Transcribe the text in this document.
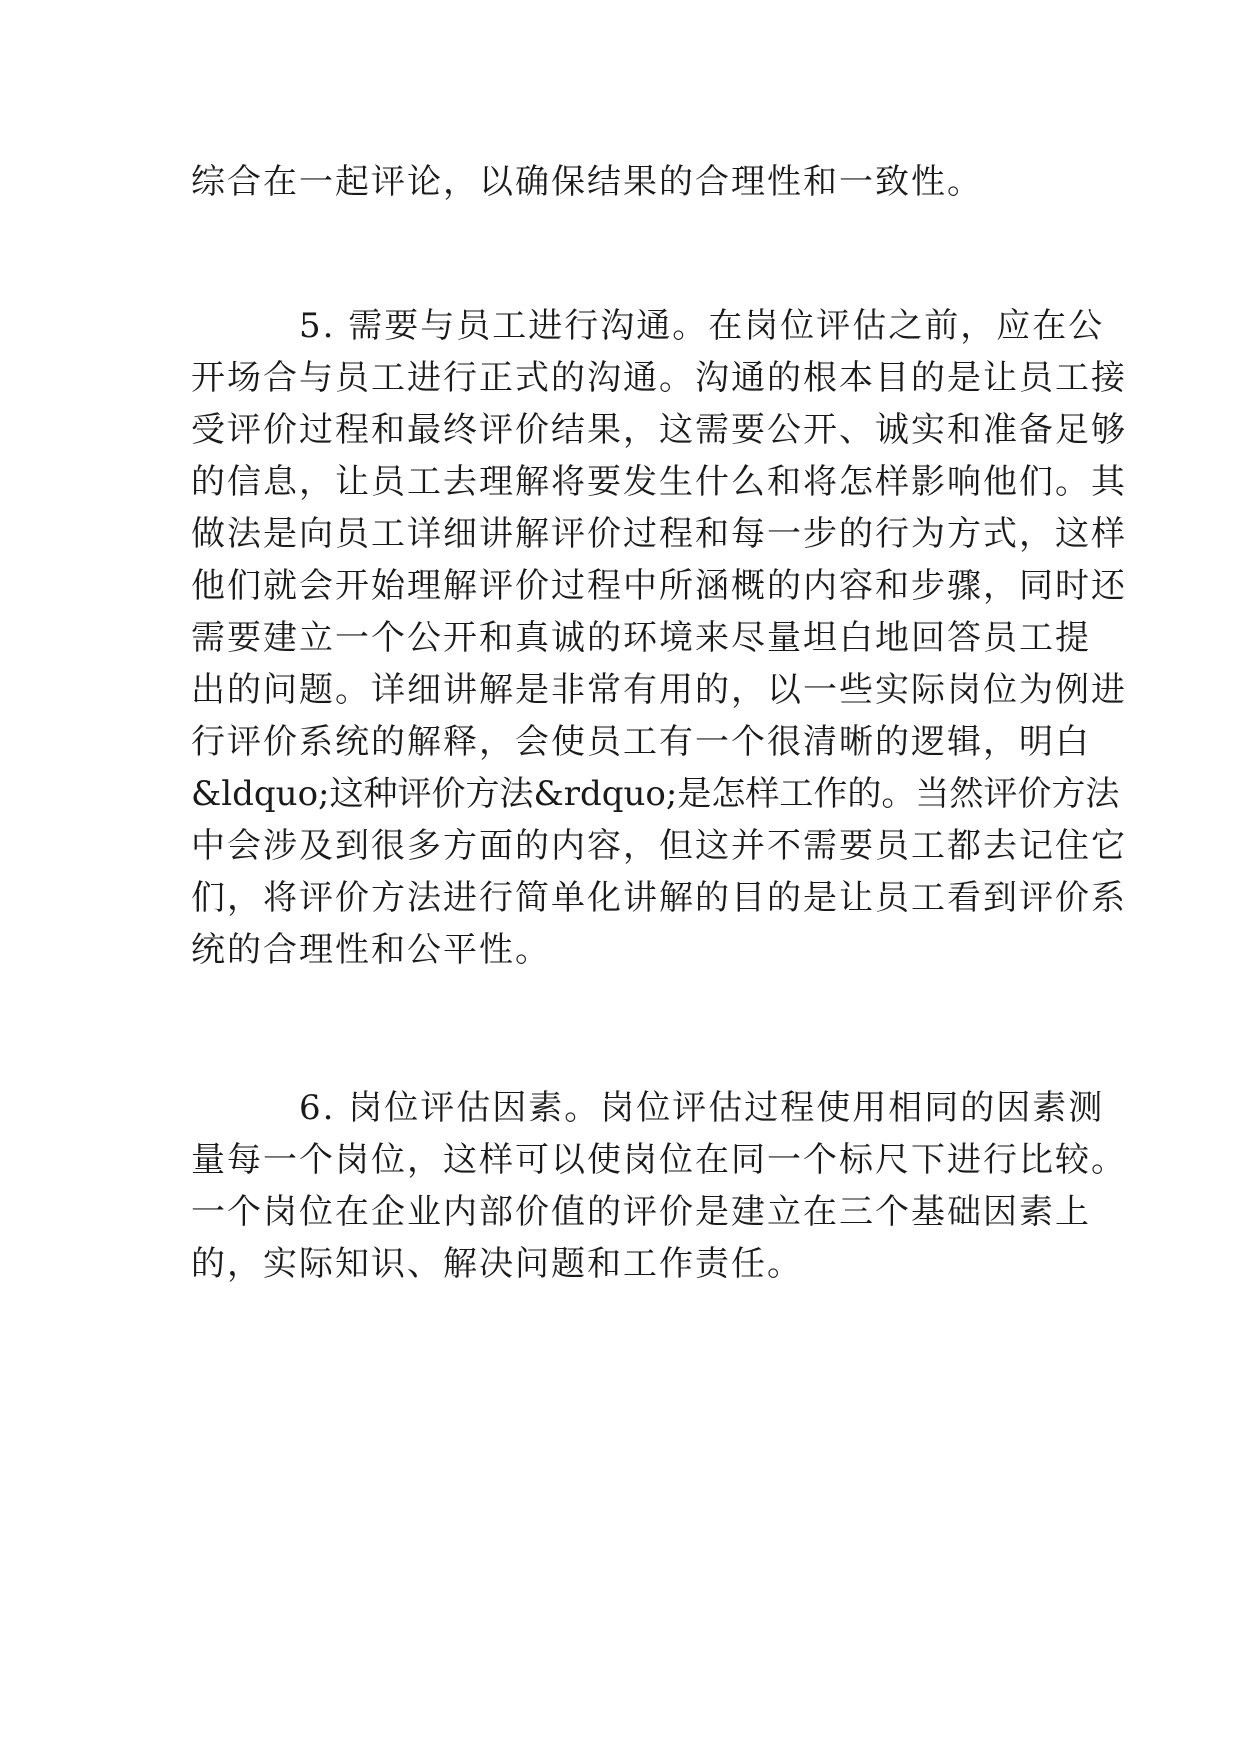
综合在一起评论，以确保结果的合理性和一致性。
5. 需要与员工进行沟通。在岗位评估之前，应在公
开场合与员工进行正式的沟通。沟通的根本目的是让员工接
受评价过程和最终评价结果，这需要公开、诚实和准备足够
的信息，让员工去理解将要发生什么和将怎样影响他们。其
做法是向员工详细讲解评价过程和每一步的行为方式，这样
他们就会开始理解评价过程中所涵概的内容和步骤，同时还
需要建立一个公开和真诚的环境来尽量坦白地回答员工提
出的问题。详细讲解是非常有用的，以一些实际岗位为例进
行评价系统的解释，会使员工有一个很清晰的逻辑，明白
&ldquo;这种评价方法&rdquo;是怎样工作的。当然评价方法
中会涉及到很多方面的内容，但这并不需要员工都去记住它
们，将评价方法进行简单化讲解的目的是让员工看到评价系
统的合理性和公平性。
6. 岗位评估因素。岗位评估过程使用相同的因素测
量每一个岗位，这样可以使岗位在同一个标尺下进行比较。
一个岗位在企业内部价值的评价是建立在三个基础因素上
的，实际知识、解决问题和工作责任。
